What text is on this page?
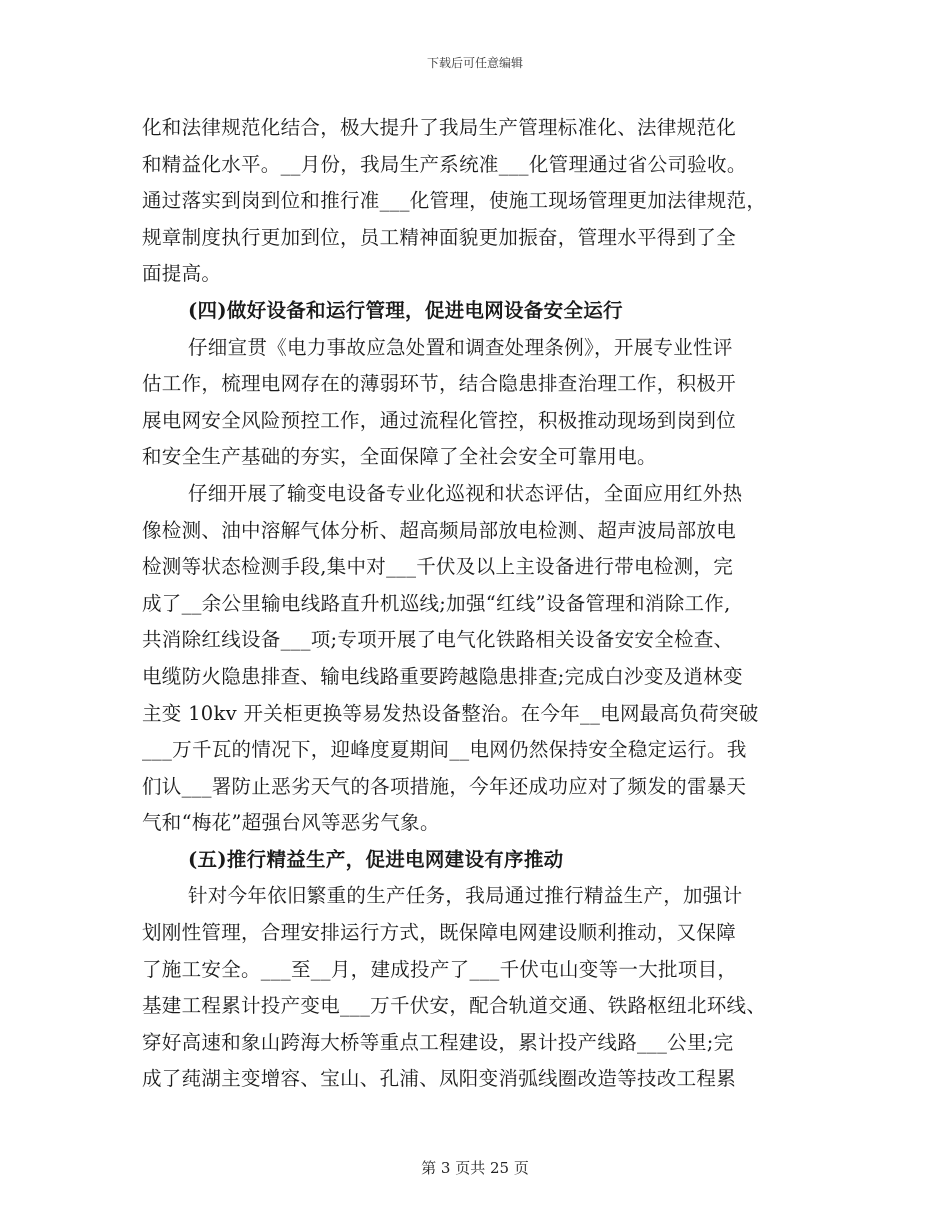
下载后可任意编辑
化和法律规范化结合，极大提升了我局生产管理标准化、法律规范化
和精益化水平。__月份，我局生产系统准___化管理通过省公司验收。
通过落实到岗到位和推行准___化管理，使施工现场管理更加法律规范，
规章制度执行更加到位，员工精神面貌更加振奋，管理水平得到了全
面提高。
(四)做好设备和运行管理，促进电网设备安全运行
仔细宣贯《电力事故应急处置和调查处理条例》，开展专业性评
估工作，梳理电网存在的薄弱环节，结合隐患排查治理工作，积极开
展电网安全风险预控工作，通过流程化管控，积极推动现场到岗到位
和安全生产基础的夯实，全面保障了全社会安全可靠用电。
仔细开展了输变电设备专业化巡视和状态评估，全面应用红外热
像检测、油中溶解气体分析、超高频局部放电检测、超声波局部放电
检测等状态检测手段,集中对___千伏及以上主设备进行带电检测，完
成了__余公里输电线路直升机巡线;加强“红线”设备管理和消除工作,
共消除红线设备___项;专项开展了电气化铁路相关设备安安全检查、
电缆防火隐患排查、输电线路重要跨越隐患排查;完成白沙变及逍林变
主变 10kv 开关柜更换等易发热设备整治。在今年__电网最高负荷突破
___万千瓦的情况下，迎峰度夏期间__电网仍然保持安全稳定运行。我
们认___署防止恶劣天气的各项措施，今年还成功应对了频发的雷暴天
气和“梅花”超强台风等恶劣气象。
(五)推行精益生产，促进电网建设有序推动
针对今年依旧繁重的生产任务，我局通过推行精益生产，加强计
划刚性管理，合理安排运行方式，既保障电网建设顺利推动，又保障
了施工安全。___至__月，建成投产了___千伏屯山变等一大批项目，
基建工程累计投产变电___万千伏安，配合轨道交通、铁路枢纽北环线、
穿好高速和象山跨海大桥等重点工程建设，累计投产线路___公里;完
成了莼湖主变增容、宝山、孔浦、凤阳变消弧线圈改造等技改工程累
第 3 页共 25 页
